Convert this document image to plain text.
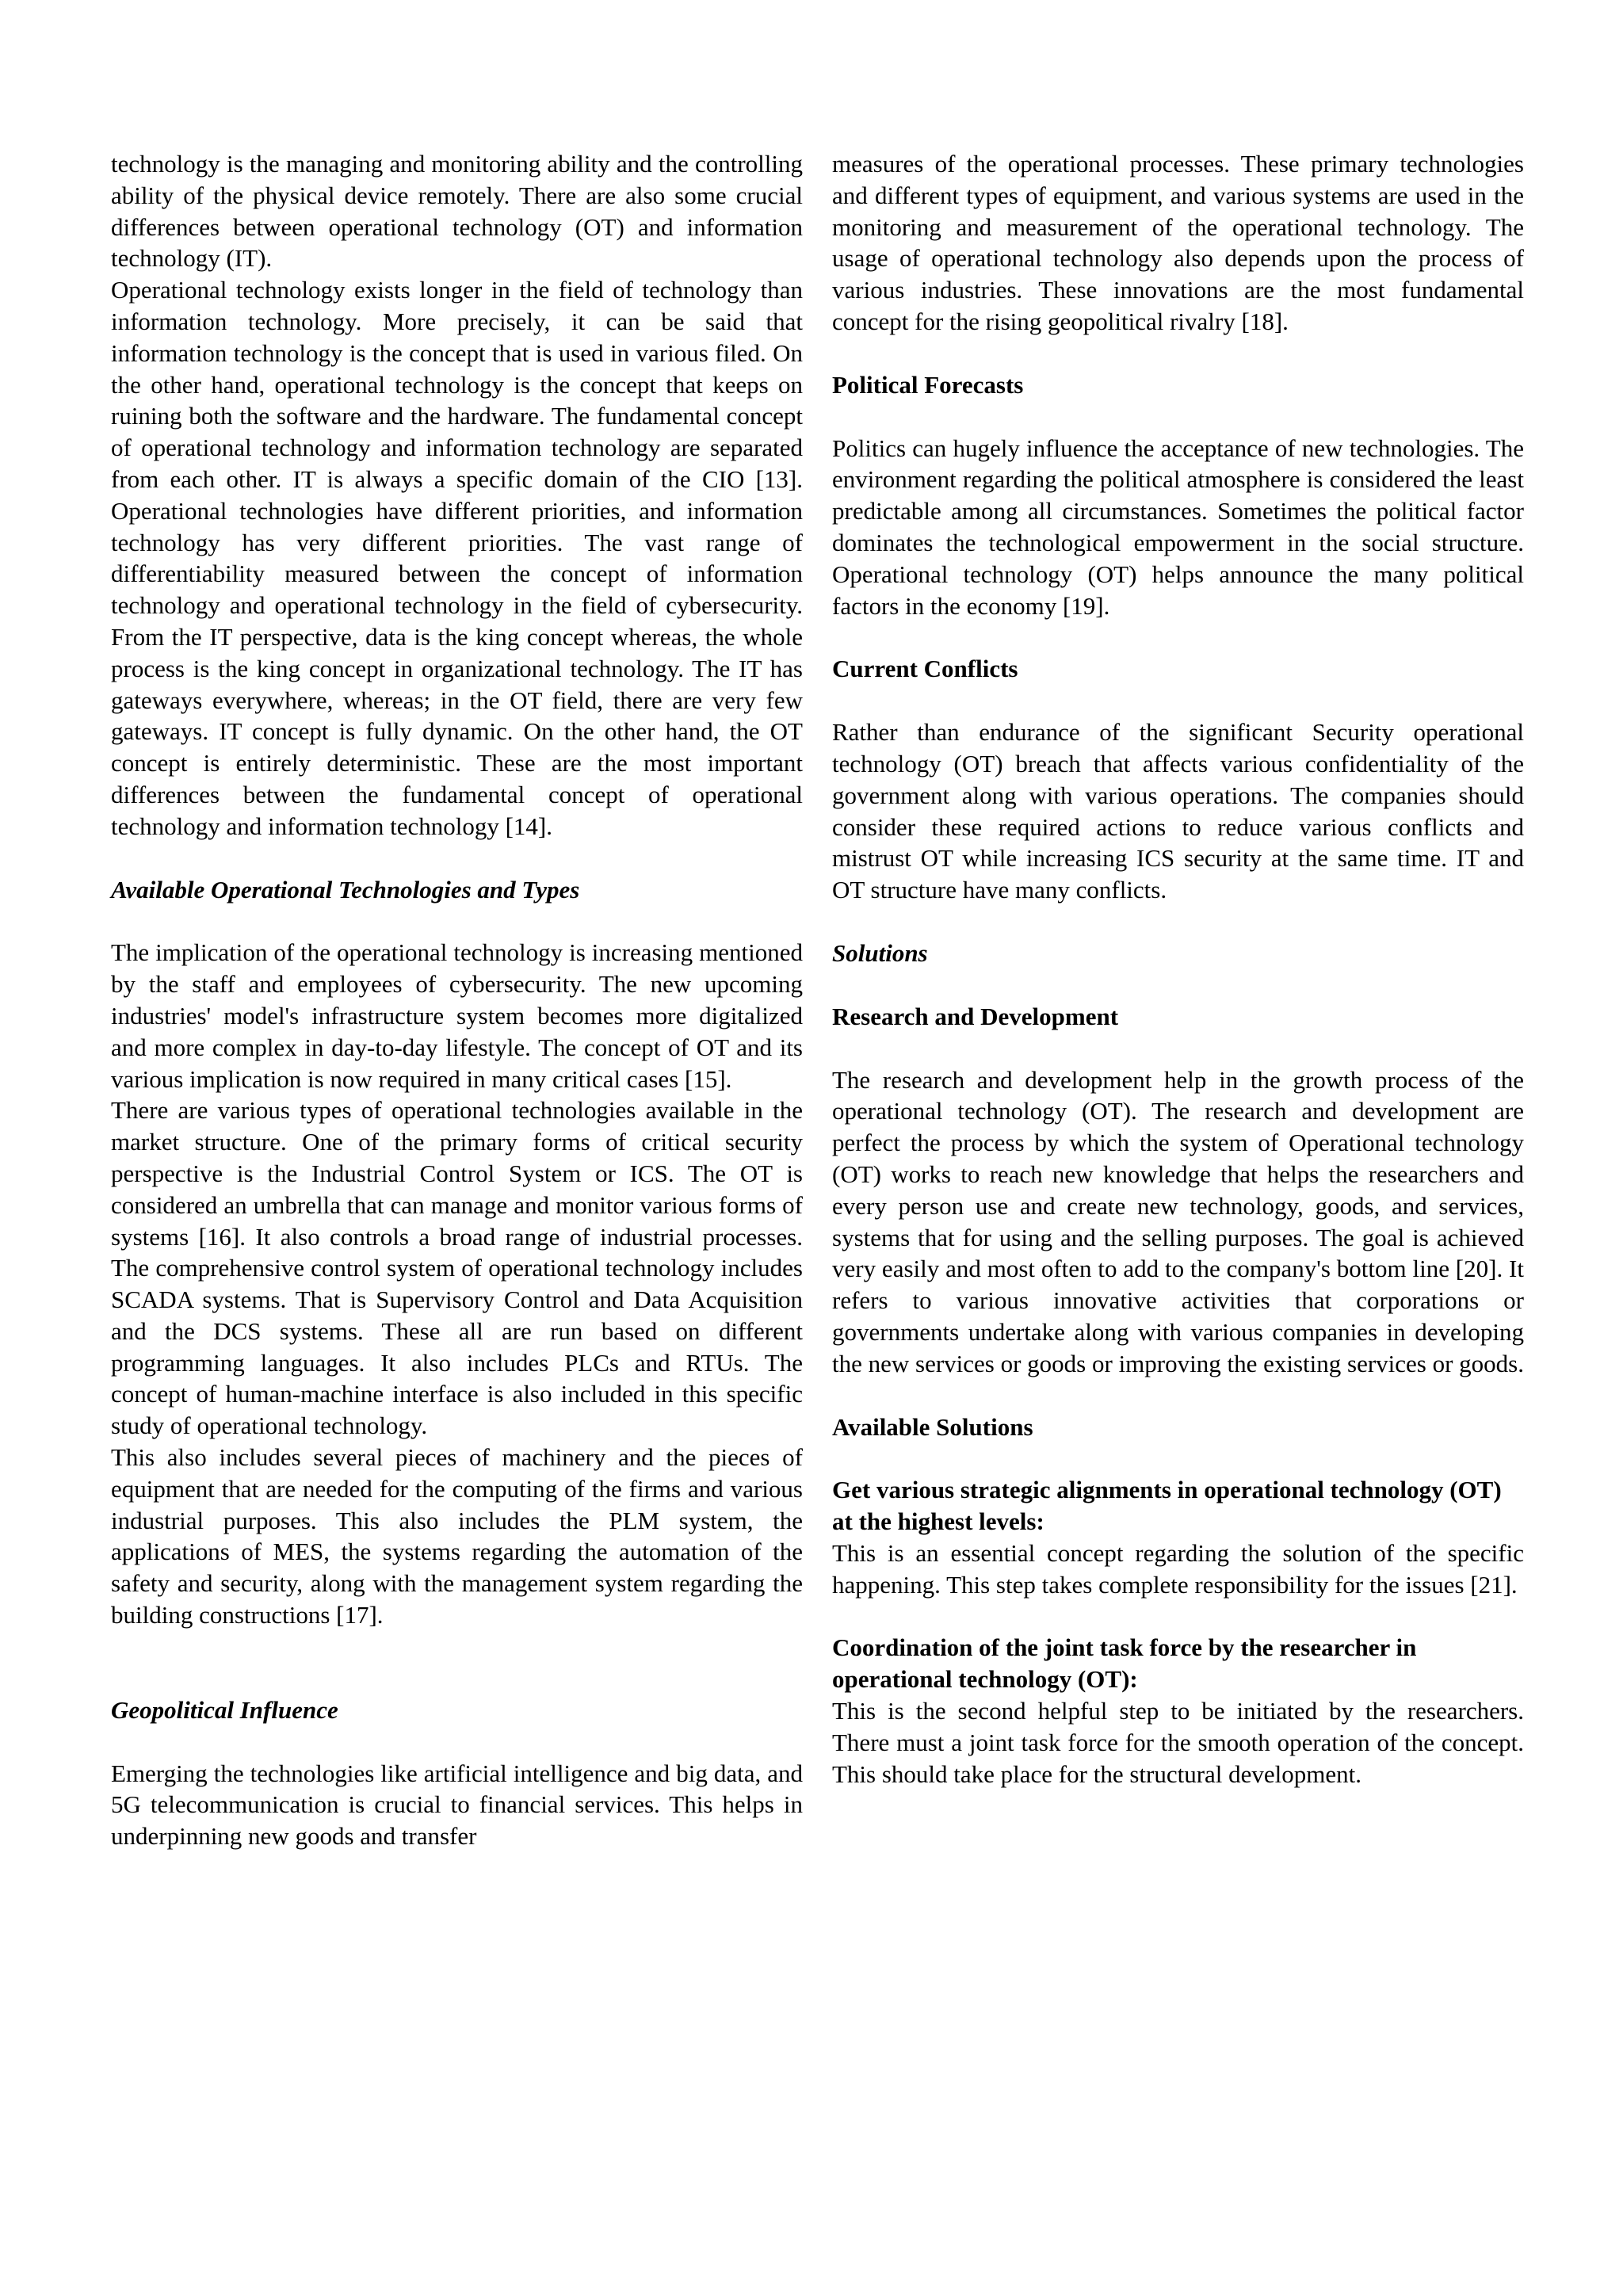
technology is the managing and monitoring ability and the controlling ability of the physical device remotely. There are also some crucial differences between operational technology (OT) and information technology (IT).

Operational technology exists longer in the field of technology than information technology. More precisely, it can be said that information technology is the concept that is used in various filed. On the other hand, operational technology is the concept that keeps on ruining both the software and the hardware. The fundamental concept of operational technology and information technology are separated from each other. IT is always a specific domain of the CIO [13]. Operational technologies have different priorities, and information technology has very different priorities. The vast range of differentiability measured between the concept of information technology and operational technology in the field of cybersecurity. From the IT perspective, data is the king concept whereas, the whole process is the king concept in organizational technology. The IT has gateways everywhere, whereas; in the OT field, there are very few gateways. IT concept is fully dynamic. On the other hand, the OT concept is entirely deterministic. These are the most important differences between the fundamental concept of operational technology and information technology [14].

Available Operational Technologies and Types

The implication of the operational technology is increasing mentioned by the staff and employees of cybersecurity. The new upcoming industries' model's infrastructure system becomes more digitalized and more complex in day-to-day lifestyle. The concept of OT and its various implication is now required in many critical cases [15].

There are various types of operational technologies available in the market structure. One of the primary forms of critical security perspective is the Industrial Control System or ICS. The OT is considered an umbrella that can manage and monitor various forms of systems [16]. It also controls a broad range of industrial processes. The comprehensive control system of operational technology includes SCADA systems. That is Supervisory Control and Data Acquisition and the DCS systems. These all are run based on different programming languages. It also includes PLCs and RTUs. The concept of human-machine interface is also included in this specific study of operational technology.

This also includes several pieces of machinery and the pieces of equipment that are needed for the computing of the firms and various industrial purposes. This also includes the PLM system, the applications of MES, the systems regarding the automation of the safety and security, along with the management system regarding the building constructions [17].

Geopolitical Influence

Emerging the technologies like artificial intelligence and big data, and 5G telecommunication is crucial to financial services. This helps in underpinning new goods and transfer

measures of the operational processes. These primary technologies and different types of equipment, and various systems are used in the monitoring and measurement of the operational technology. The usage of operational technology also depends upon the process of various industries. These innovations are the most fundamental concept for the rising geopolitical rivalry [18].

Political Forecasts

Politics can hugely influence the acceptance of new technologies. The environment regarding the political atmosphere is considered the least predictable among all circumstances. Sometimes the political factor dominates the technological empowerment in the social structure. Operational technology (OT) helps announce the many political factors in the economy [19].

Current Conflicts

Rather than endurance of the significant Security operational technology (OT) breach that affects various confidentiality of the government along with various operations. The companies should consider these required actions to reduce various conflicts and mistrust OT while increasing ICS security at the same time. IT and OT structure have many conflicts.

Solutions
Research and Development

The research and development help in the growth process of the operational technology (OT). The research and development are perfect the process by which the system of Operational technology (OT) works to reach new knowledge that helps the researchers and every person use and create new technology, goods, and services, systems that for using and the selling purposes. The goal is achieved very easily and most often to add to the company's bottom line [20]. It refers to various innovative activities that corporations or governments undertake along with various companies in developing the new services or goods or improving the existing services or goods.

Available Solutions
Get various strategic alignments in operational technology (OT) at the highest levels:

This is an essential concept regarding the solution of the specific happening. This step takes complete responsibility for the issues [21].

Coordination of the joint task force by the researcher in operational technology (OT):

This is the second helpful step to be initiated by the researchers. There must a joint task force for the smooth operation of the concept. This should take place for the structural development.
